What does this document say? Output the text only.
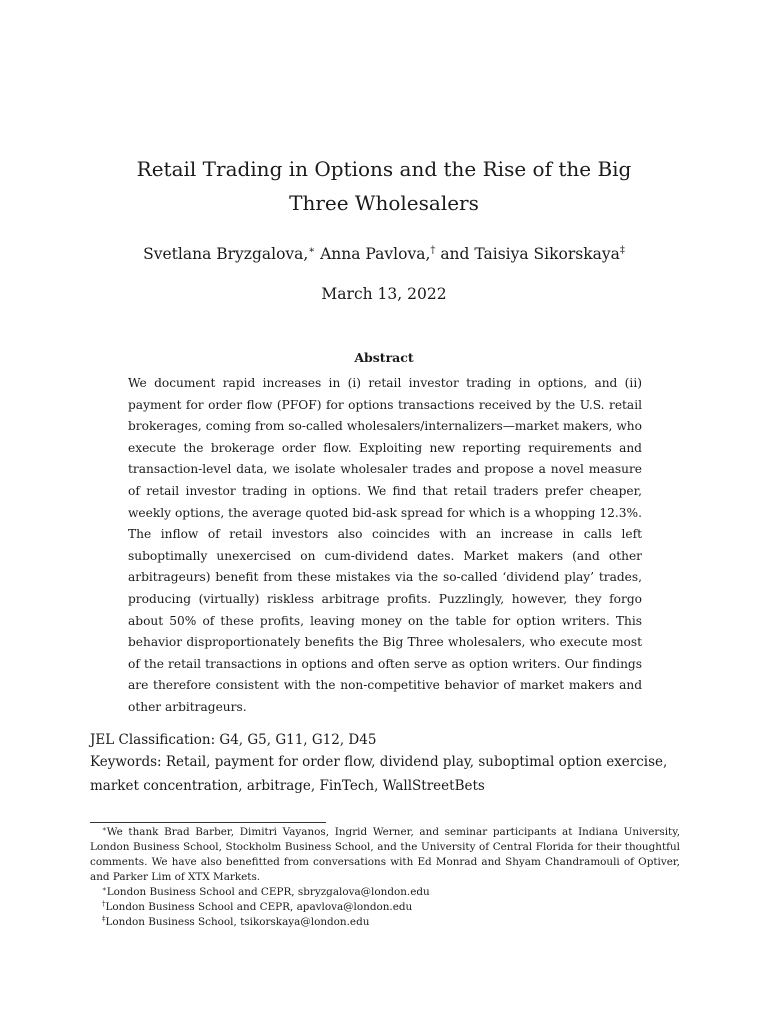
Retail Trading in Options and the Rise of the Big Three Wholesalers
Svetlana Bryzgalova,∗ Anna Pavlova,† and Taisiya Sikorskaya‡
March 13, 2022
Abstract
We document rapid increases in (i) retail investor trading in options, and (ii) payment for order flow (PFOF) for options transactions received by the U.S. retail brokerages, coming from so-called wholesalers/internalizers—market makers, who execute the brokerage order flow. Exploiting new reporting requirements and transaction-level data, we isolate wholesaler trades and propose a novel measure of retail investor trading in options. We find that retail traders prefer cheaper, weekly options, the average quoted bid-ask spread for which is a whopping 12.3%. The inflow of retail investors also coincides with an increase in calls left suboptimally unexercised on cum-dividend dates. Market makers (and other arbitrageurs) benefit from these mistakes via the so-called ‘dividend play’ trades, producing (virtually) riskless arbitrage profits. Puzzlingly, however, they forgo about 50% of these profits, leaving money on the table for option writers. This behavior disproportionately benefits the Big Three wholesalers, who execute most of the retail transactions in options and often serve as option writers. Our findings are therefore consistent with the non-competitive behavior of market makers and other arbitrageurs.
JEL Classification: G4, G5, G11, G12, D45
Keywords: Retail, payment for order flow, dividend play, suboptimal option exercise, market concentration, arbitrage, FinTech, WallStreetBets

∗We thank Brad Barber, Dimitri Vayanos, Ingrid Werner, and seminar participants at Indiana University, London Business School, Stockholm Business School, and the University of Central Florida for their thoughtful comments. We have also benefitted from conversations with Ed Monrad and Shyam Chandramouli of Optiver, and Parker Lim of XTX Markets.

∗London Business School and CEPR, sbryzgalova@london.edu

†London Business School and CEPR, apavlova@london.edu

‡London Business School, tsikorskaya@london.edu
